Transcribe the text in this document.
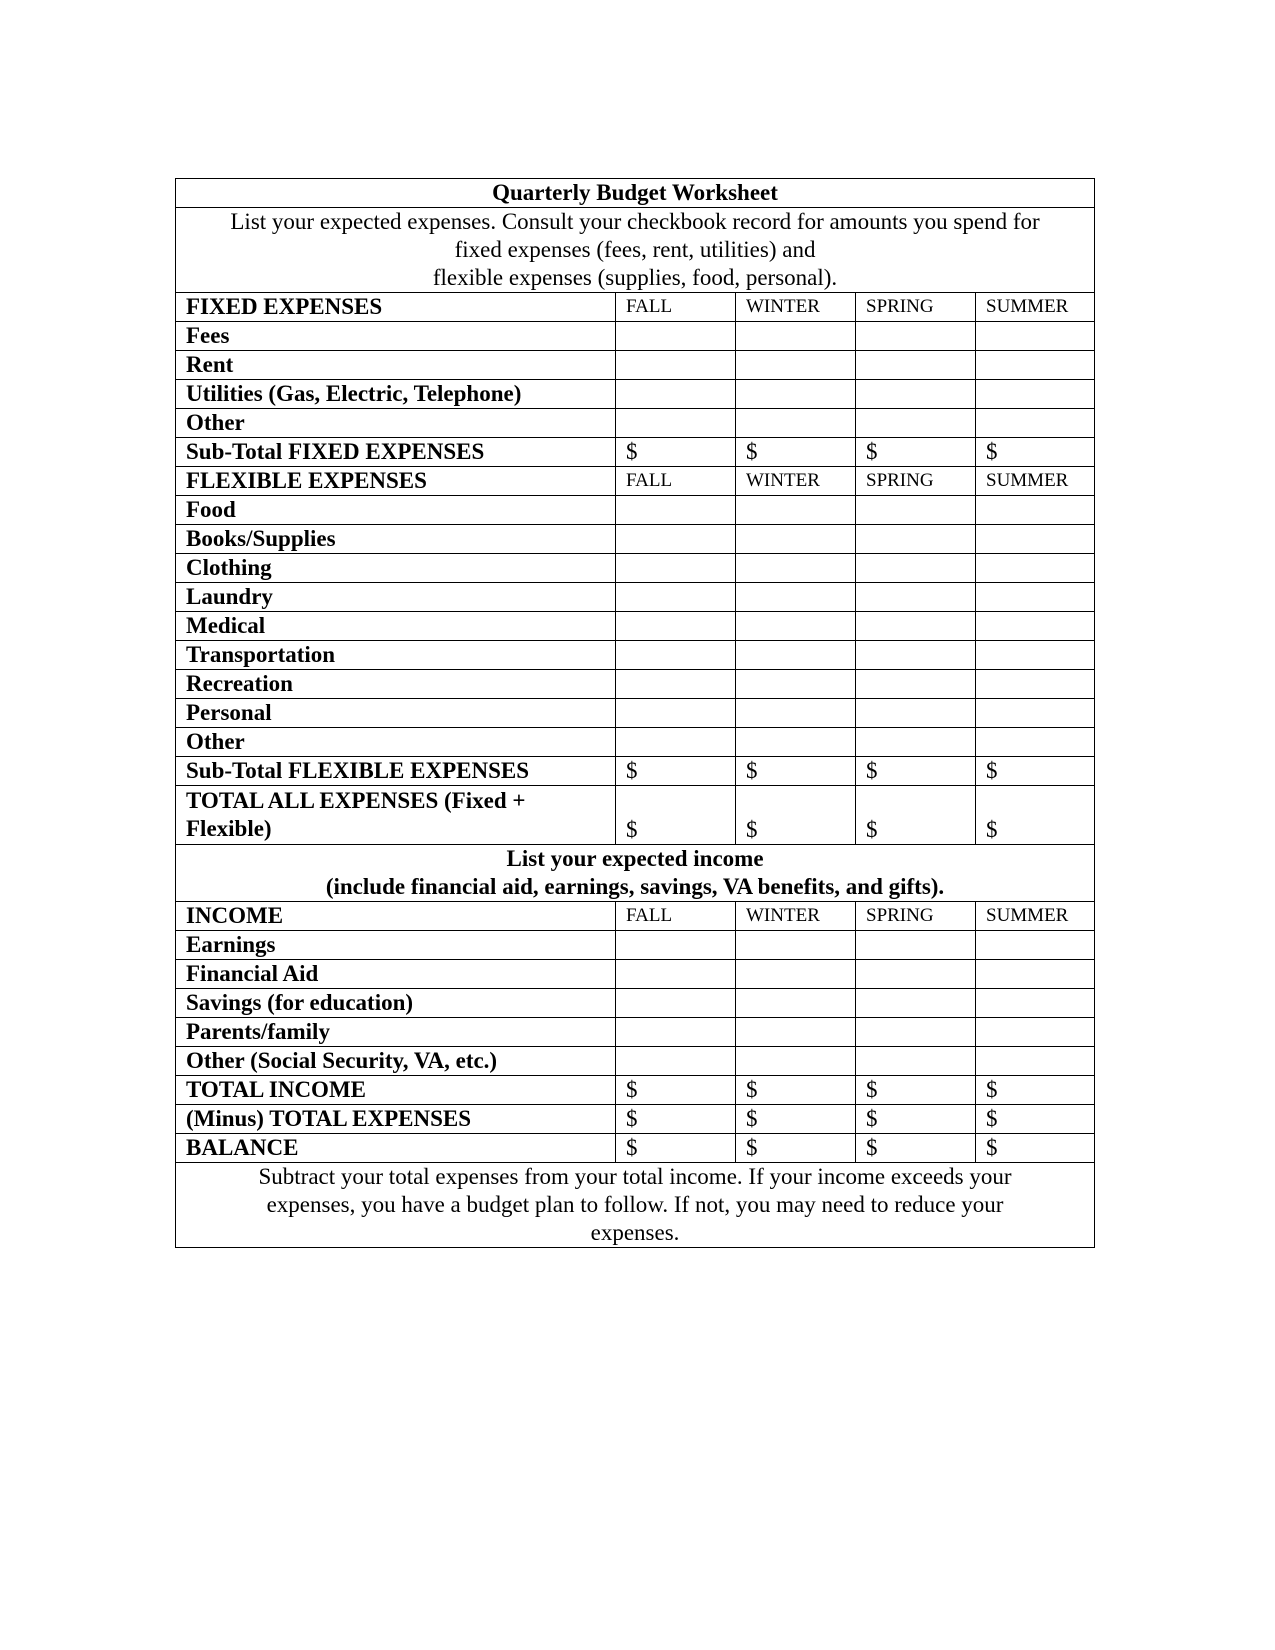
Quarterly Budget Worksheet				

List your expected expenses. Consult your checkbook record for amounts you spend for
fixed expenses (fees, rent, utilities) and
flexible expenses (supplies, food, personal).				

FIXED EXPENSES	FALL	WINTER	SPRING	SUMMER
Fees				
Rent				
Utilities (Gas, Electric, Telephone)				
Other				
Sub-Total FIXED EXPENSES	$	$	$	$
FLEXIBLE EXPENSES	FALL	WINTER	SPRING	SUMMER
Food				
Books/Supplies				
Clothing				
Laundry				
Medical				
Transportation				
Recreation				
Personal				
Other				
Sub-Total FLEXIBLE EXPENSES	$	$	$	$

TOTAL ALL EXPENSES (Fixed +
Flexible)	$	$	$	$

List your expected income
(include financial aid, earnings, savings, VA benefits, and gifts).				

INCOME	FALL	WINTER	SPRING	SUMMER
Earnings				
Financial Aid				
Savings (for education)				
Parents/family				
Other (Social Security, VA, etc.)				
TOTAL INCOME	$	$	$	$
(Minus) TOTAL EXPENSES	$	$	$	$
BALANCE	$	$	$	$

Subtract your total expenses from your total income. If your income exceeds your
expenses, you have a budget plan to follow. If not, you may need to reduce your
expenses.				
